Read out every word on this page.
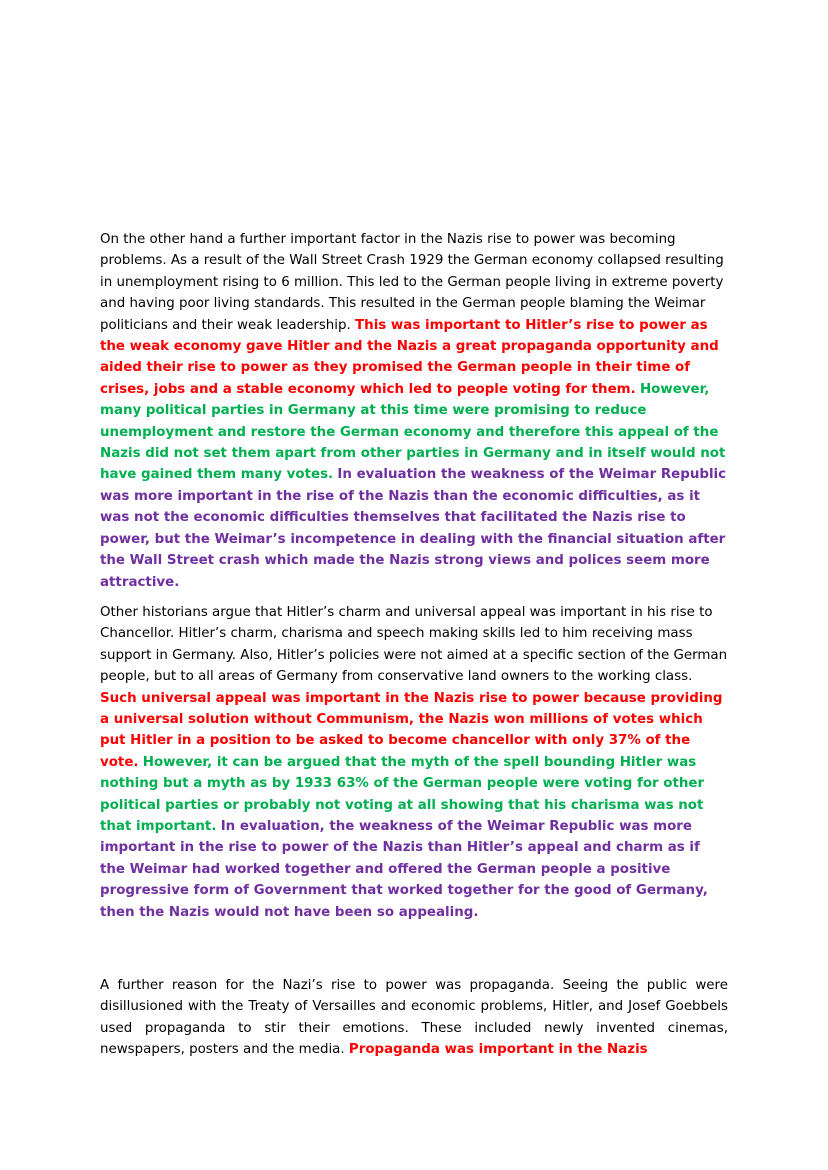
On the other hand a further important factor in the Nazis rise to power was becoming problems. As a result of the Wall Street Crash 1929 the German economy collapsed resulting in unemployment rising to 6 million. This led to the German people living in extreme poverty and having poor living standards. This resulted in the German people blaming the Weimar politicians and their weak leadership. This was important to Hitler’s rise to power as the weak economy gave Hitler and the Nazis a great propaganda opportunity and aided their rise to power as they promised the German people in their time of crises, jobs and a stable economy which led to people voting for them. However, many political parties in Germany at this time were promising to reduce unemployment and restore the German economy and therefore this appeal of the Nazis did not set them apart from other parties in Germany and in itself would not have gained them many votes. In evaluation the weakness of the Weimar Republic was more important in the rise of the Nazis than the economic difficulties, as it was not the economic difficulties themselves that facilitated the Nazis rise to power, but the Weimar’s incompetence in dealing with the financial situation after the Wall Street crash which made the Nazis strong views and polices seem more attractive.

Other historians argue that Hitler’s charm and universal appeal was important in his rise to Chancellor. Hitler’s charm, charisma and speech making skills led to him receiving mass support in Germany. Also, Hitler’s policies were not aimed at a specific section of the German people, but to all areas of Germany from conservative land owners to the working class. Such universal appeal was important in the Nazis rise to power because providing a universal solution without Communism, the Nazis won millions of votes which put Hitler in a position to be asked to become chancellor with only 37% of the vote. However, it can be argued that the myth of the spell bounding Hitler was nothing but a myth as by 1933 63% of the German people were voting for other political parties or probably not voting at all showing that his charisma was not that important. In evaluation, the weakness of the Weimar Republic was more important in the rise to power of the Nazis than Hitler’s appeal and charm as if the Weimar had worked together and offered the German people a positive progressive form of Government that worked together for the good of Germany, then the Nazis would not have been so appealing.

A further reason for the Nazi’s rise to power was propaganda. Seeing the public were disillusioned with the Treaty of Versailles and economic problems, Hitler, and Josef Goebbels used propaganda to stir their emotions. These included newly invented cinemas, newspapers, posters and the media. Propaganda was important in the Nazis
